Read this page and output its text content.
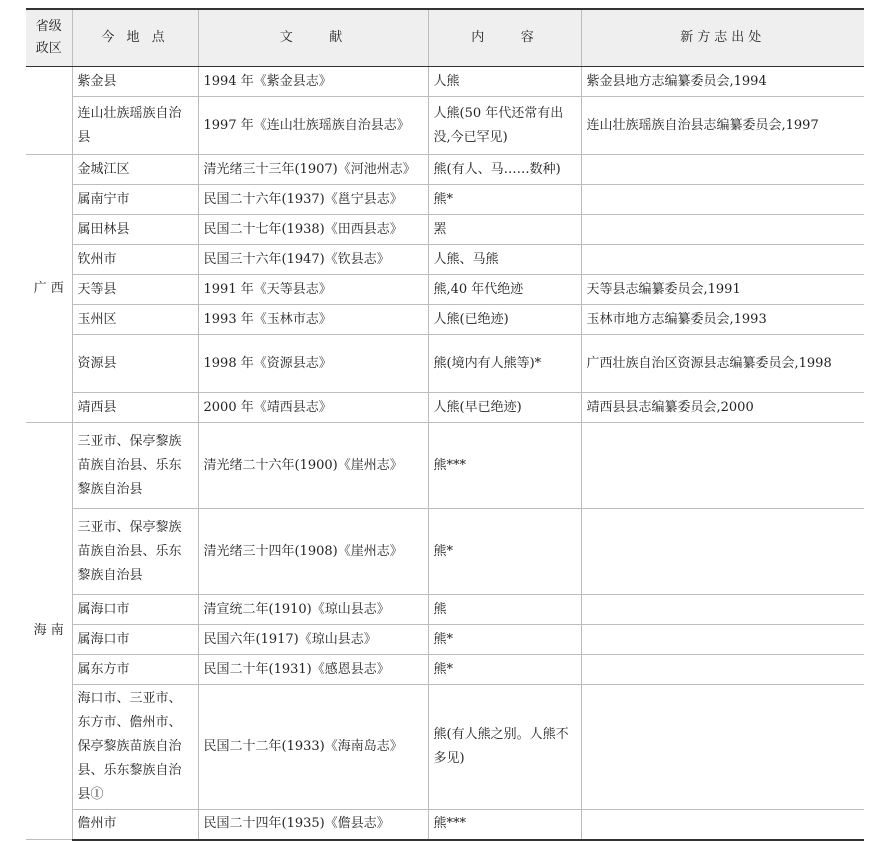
省级
政区	今 地 点	文    献	内    容	新方志出处
	紫金县	1994 年《紫金县志》	人熊	紫金县地方志编纂委员会,1994
	连山壮族瑶族自治县	1997 年《连山壮族瑶族自治县志》	人熊(50 年代还常有出没,今已罕见)	连山壮族瑶族自治县志编纂委员会,1997
广 西	金城江区	清光绪三十三年(1907)《河池州志》	熊(有人、马……数种)	
	属南宁市	民国二十六年(1937)《邕宁县志》	熊*	
	属田林县	民国二十七年(1938)《田西县志》	罴	
	钦州市	民国三十六年(1947)《钦县志》	人熊、马熊	
	天等县	1991 年《天等县志》	熊,40 年代绝迹	天等县志编纂委员会,1991
	玉州区	1993 年《玉林市志》	人熊(已绝迹)	玉林市地方志编纂委员会,1993
	资源县	1998 年《资源县志》	熊(境内有人熊等)*	广西壮族自治区资源县志编纂委员会,1998
	靖西县	2000 年《靖西县志》	人熊(早已绝迹)	靖西县县志编纂委员会,2000
海 南	三亚市、保亭黎族苗族自治县、乐东黎族自治县	清光绪二十六年(1900)《崖州志》	熊***	
	三亚市、保亭黎族苗族自治县、乐东黎族自治县	清光绪三十四年(1908)《崖州志》	熊*	
	属海口市	清宣统二年(1910)《琼山县志》	熊	
	属海口市	民国六年(1917)《琼山县志》	熊*	
	属东方市	民国二十年(1931)《感恩县志》	熊*	
	海口市、三亚市、东方市、儋州市、保亭黎族苗族自治县、乐东黎族自治县①	民国二十二年(1933)《海南岛志》	熊(有人熊之别。人熊不多见)	
	儋州市	民国二十四年(1935)《儋县志》	熊***	
